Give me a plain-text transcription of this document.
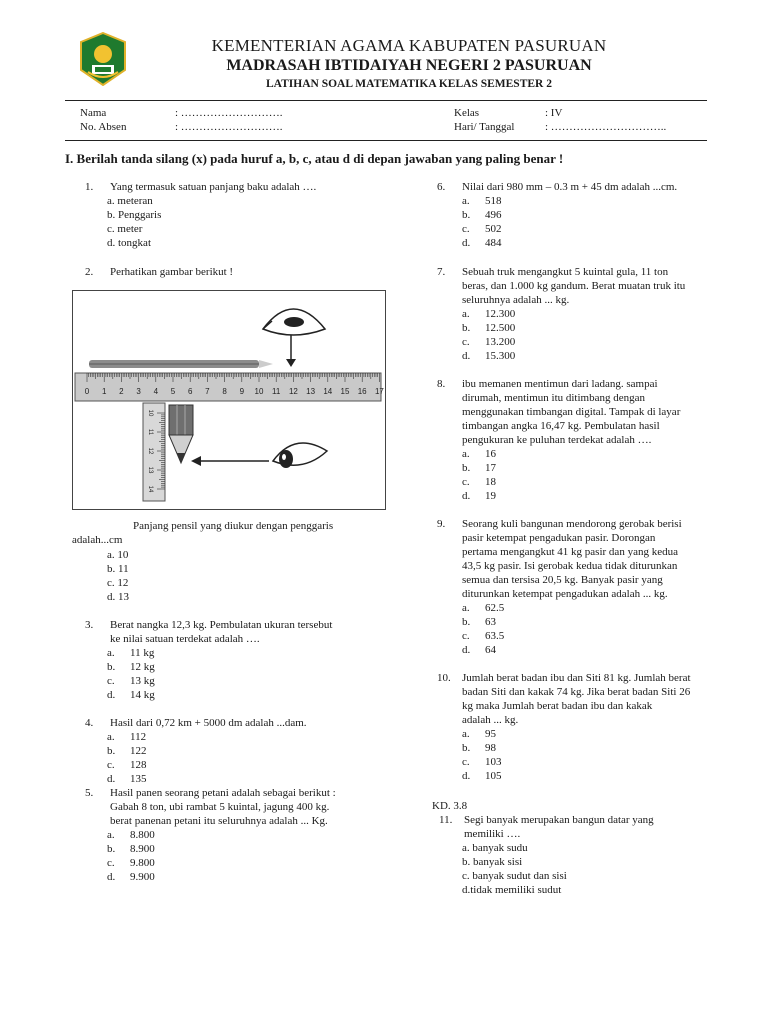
KEMENTERIAN AGAMA KABUPATEN PASURUAN
MADRASAH IBTIDAIYAH NEGERI 2 PASURUAN
LATIHAN SOAL MATEMATIKA KELAS SEMESTER 2
Nama	: ……………………….
No. Absen	: ……………………….
Kelas	: IV
Hari/ Tanggal	: …………………………..
I. Berilah tanda silang (x) pada huruf a, b, c, atau d di depan jawaban yang paling benar !
1. Yang termasuk satuan panjang baku adalah ….
a. meteran
b. Penggaris
c. meter
d. tongkat
2. Perhatikan gambar berikut !
0 1 2 3 4 5 6 7 8 9 10 11 12 13 14 15 16 17
10
11
12
13
14
Panjang pensil yang diukur dengan penggaris
adalah...cm
a. 10
b. 11
c. 12
d. 13
3. Berat nangka 12,3 kg. Pembulatan ukuran tersebut
ke nilai satuan terdekat adalah ….
a. 11 kg
b. 12 kg
c. 13 kg
d. 14 kg
4. Hasil dari 0,72 km + 5000 dm adalah ...dam.
a. 112
b. 122
c. 128
d. 135
5. Hasil panen seorang petani adalah sebagai berikut :
Gabah 8 ton, ubi rambat 5 kuintal, jagung 400 kg.
berat panenan petani itu seluruhnya adalah ... Kg.
a. 8.800
b. 8.900
c. 9.800
d. 9.900
6. Nilai dari 980 mm – 0.3 m + 45 dm adalah ...cm.
a. 518
b. 496
c. 502
d. 484
7. Sebuah truk mengangkut 5 kuintal gula, 11 ton
beras, dan 1.000 kg gandum. Berat muatan truk itu
seluruhnya adalah ... kg.
a. 12.300
b. 12.500
c. 13.200
d. 15.300
8. ibu memanen mentimun dari ladang. sampai
dirumah, mentimun itu ditimbang dengan
menggunakan timbangan digital. Tampak di layar
timbangan angka 16,47 kg. Pembulatan hasil
pengukuran ke puluhan terdekat adalah ….
a. 16
b. 17
c. 18
d. 19
9. Seorang kuli bangunan mendorong gerobak berisi
pasir ketempat pengadukan pasir. Dorongan
pertama mengangkut 41 kg pasir dan yang kedua
43,5 kg pasir. Isi gerobak kedua tidak diturunkan
semua dan tersisa 20,5 kg. Banyak pasir yang
diturunkan ketempat pengadukan adalah ... kg.
a. 62.5
b. 63
c. 63.5
d. 64
10. Jumlah berat badan ibu dan Siti 81 kg. Jumlah berat
badan Siti dan kakak 74 kg. Jika berat badan Siti 26
kg maka Jumlah berat badan ibu dan kakak
adalah ... kg.
a. 95
b. 98
c. 103
d. 105
KD. 3.8
11. Segi banyak merupakan bangun datar yang
memiliki ….
a. banyak sudu
b. banyak sisi
c. banyak sudut dan sisi
d.tidak memiliki sudut
